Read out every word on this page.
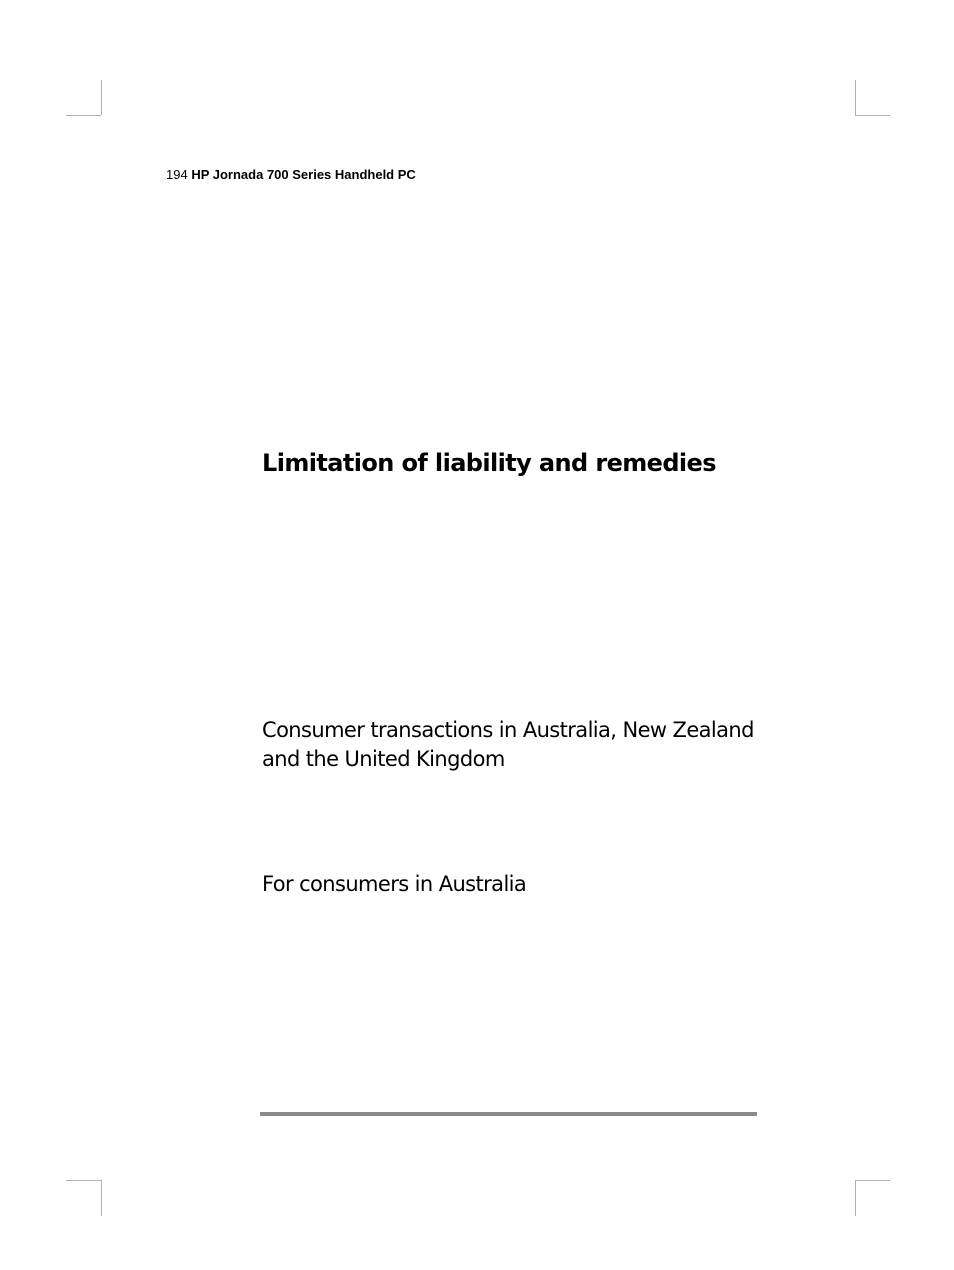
194 HP Jornada 700 Series Handheld PC
Limitation of liability and remedies
Consumer transactions in Australia, New Zealand and the United Kingdom
For consumers in Australia
